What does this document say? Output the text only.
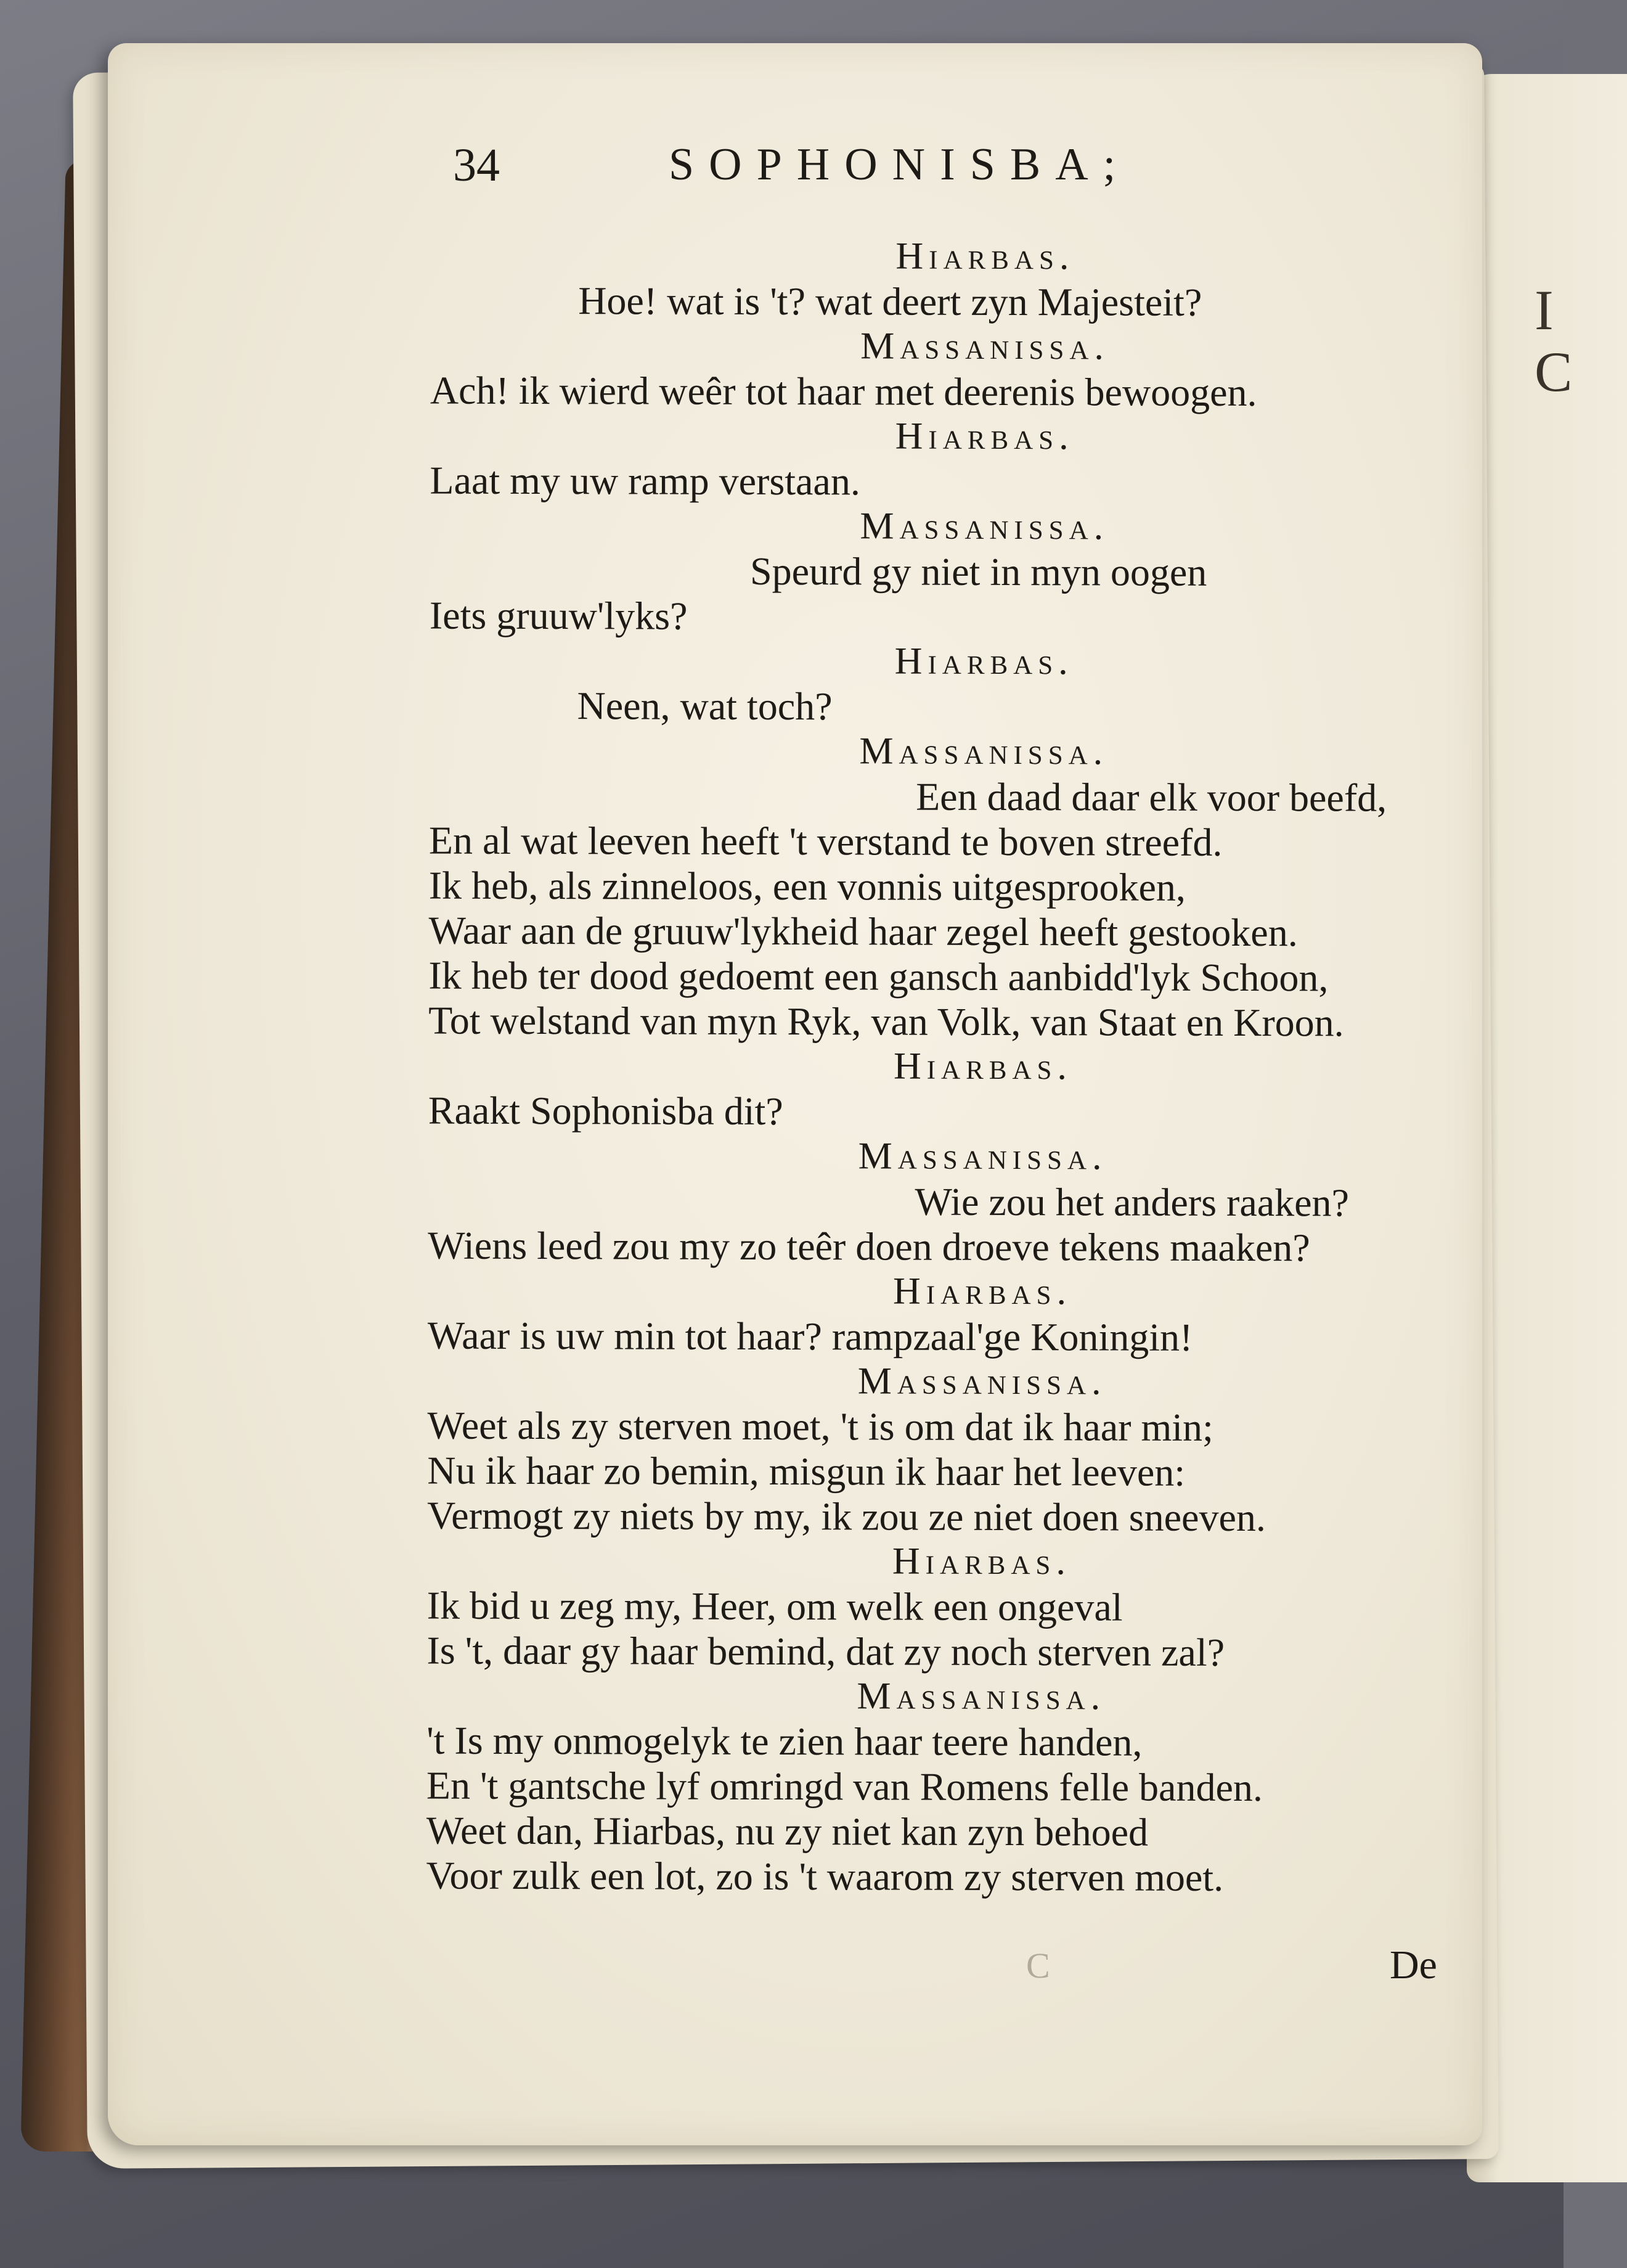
I
C
34	SOPHONISBA;
Hiarbas.
Hoe! wat is 't? wat deert zyn Majesteit?
Massanissa.
Ach! ik wierd weêr tot haar met deerenis bewoogen.
Hiarbas.
Laat my uw ramp verstaan.
Massanissa.
Speurd gy niet in myn oogen
Iets gruuw'lyks?
Hiarbas.
Neen, wat toch?
Massanissa.
Een daad daar elk voor beefd,
En al wat leeven heeft 't verstand te boven streefd.
Ik heb, als zinneloos, een vonnis uitgesprooken,
Waar aan de gruuw'lykheid haar zegel heeft gestooken.
Ik heb ter dood gedoemt een gansch aanbidd'lyk Schoon,
Tot welstand van myn Ryk, van Volk, van Staat en Kroon.
Hiarbas.
Raakt Sophonisba dit?
Massanissa.
Wie zou het anders raaken?
Wiens leed zou my zo teêr doen droeve tekens maaken?
Hiarbas.
Waar is uw min tot haar? rampzaal'ge Koningin!
Massanissa.
Weet als zy sterven moet, 't is om dat ik haar min;
Nu ik haar zo bemin, misgun ik haar het leeven:
Vermogt zy niets by my, ik zou ze niet doen sneeven.
Hiarbas.
Ik bid u zeg my, Heer, om welk een ongeval
Is 't, daar gy haar bemind, dat zy noch sterven zal?
Massanissa.
't Is my onmogelyk te zien haar teere handen,
En 't gantsche lyf omringd van Romens felle banden.
Weet dan, Hiarbas, nu zy niet kan zyn behoed
Voor zulk een lot, zo is 't waarom zy sterven moet.
C	De
